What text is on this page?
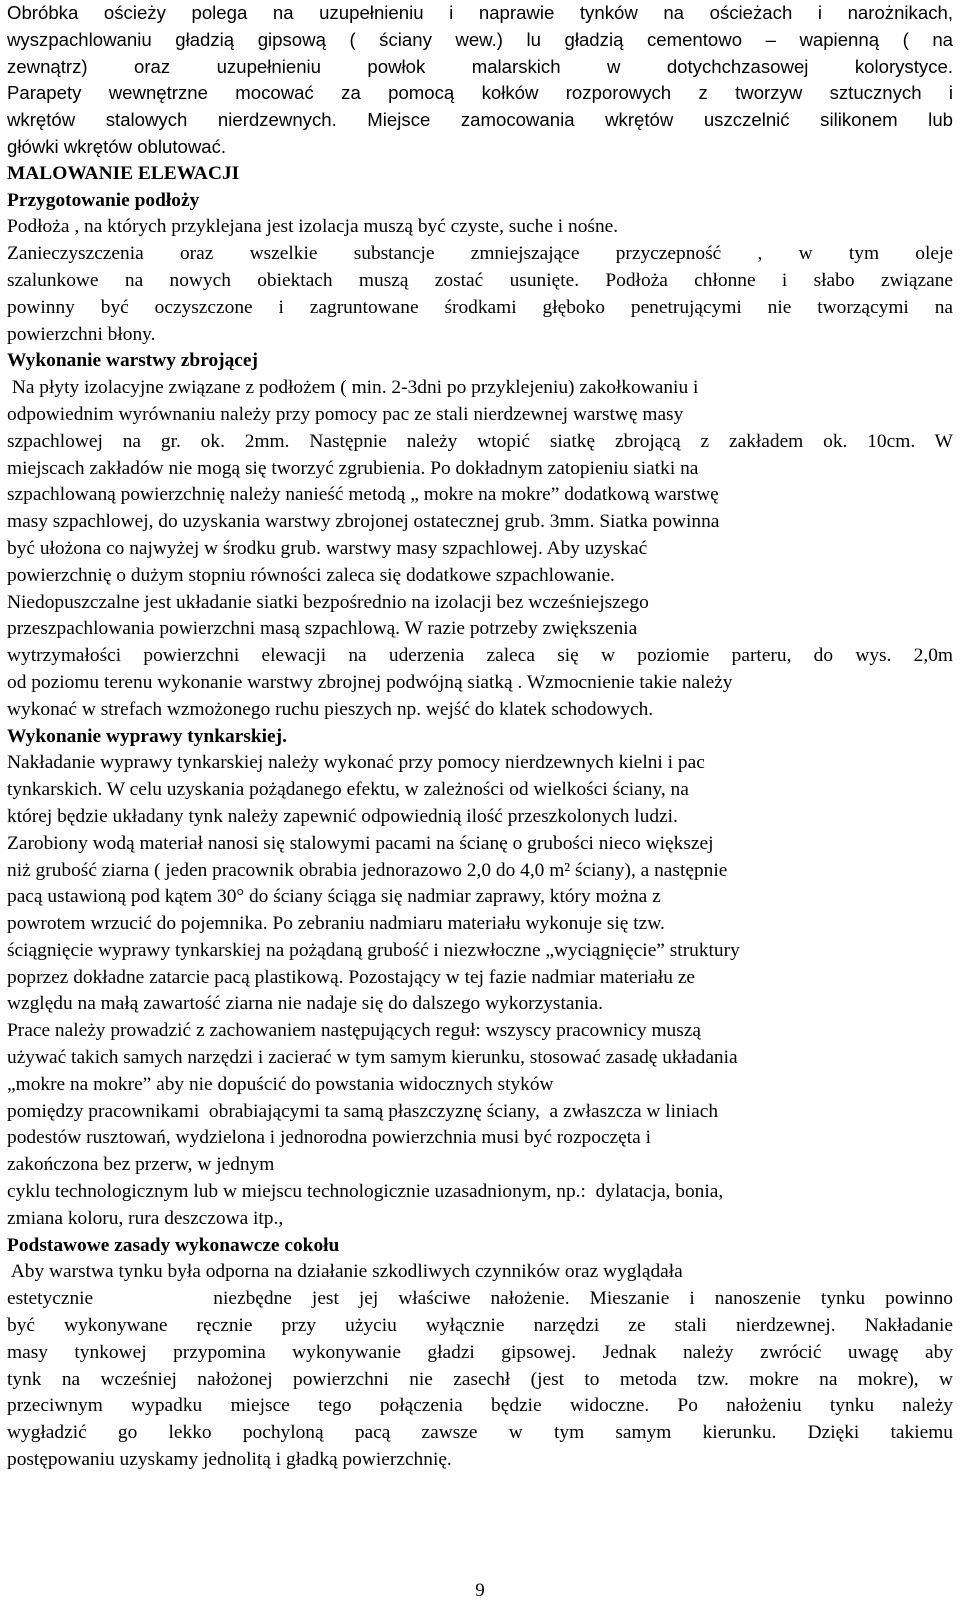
Obróbka ościeży polega na uzupełnieniu i naprawie tynków na ościeżach i narożnikach,
wyszpachlowaniu gładzią gipsową ( ściany wew.) lu gładzią cementowo – wapienną ( na
zewnątrz) oraz uzupełnieniu powłok malarskich w dotychchzasowej kolorystyce.
Parapety wewnętrzne mocować za pomocą kołków rozporowych z tworzyw sztucznych i
wkrętów stalowych nierdzewnych. Miejsce zamocowania wkrętów uszczelnić silikonem lub
główki wkrętów oblutować.
MALOWANIE ELEWACJI
Przygotowanie podłoży
Podłoża , na których przyklejana jest izolacja muszą być czyste, suche i nośne.
Zanieczyszczenia oraz wszelkie substancje zmniejszające przyczepność , w tym oleje
szalunkowe na nowych obiektach muszą zostać usunięte. Podłoża chłonne i słabo związane
powinny być oczyszczone i zagruntowane środkami głęboko penetrującymi nie tworzącymi na
powierzchni błony.
Wykonanie warstwy zbrojącej
Na płyty izolacyjne związane z podłożem ( min. 2-3dni po przyklejeniu) zakołkowaniu i
odpowiednim wyrównaniu należy przy pomocy pac ze stali nierdzewnej warstwę masy
szpachlowej na gr. ok. 2mm. Następnie należy wtopić siatkę zbrojącą z zakładem ok. 10cm. W
miejscach zakładów nie mogą się tworzyć zgrubienia. Po dokładnym zatopieniu siatki na
szpachlowaną powierzchnię należy nanieść metodą „ mokre na mokre” dodatkową warstwę
masy szpachlowej, do uzyskania warstwy zbrojonej ostatecznej grub. 3mm. Siatka powinna
być ułożona co najwyżej w środku grub. warstwy masy szpachlowej. Aby uzyskać
powierzchnię o dużym stopniu równości zaleca się dodatkowe szpachlowanie.
Niedopuszczalne jest układanie siatki bezpośrednio na izolacji bez wcześniejszego
przeszpachlowania powierzchni masą szpachlową. W razie potrzeby zwiększenia
wytrzymałości powierzchni elewacji na uderzenia zaleca się w poziomie parteru, do wys. 2,0m
od poziomu terenu wykonanie warstwy zbrojnej podwójną siatką . Wzmocnienie takie należy
wykonać w strefach wzmożonego ruchu pieszych np. wejść do klatek schodowych.
Wykonanie wyprawy tynkarskiej.
Nakładanie wyprawy tynkarskiej należy wykonać przy pomocy nierdzewnych kielni i pac
tynkarskich. W celu uzyskania pożądanego efektu, w zależności od wielkości ściany, na
której będzie układany tynk należy zapewnić odpowiednią ilość przeszkolonych ludzi.
Zarobiony wodą materiał nanosi się stalowymi pacami na ścianę o grubości nieco większej
niż grubość ziarna ( jeden pracownik obrabia jednorazowo 2,0 do 4,0 m² ściany), a następnie
pacą ustawioną pod kątem 30° do ściany ściąga się nadmiar zaprawy, który można z
powrotem wrzucić do pojemnika. Po zebraniu nadmiaru materiału wykonuje się tzw.
ściągnięcie wyprawy tynkarskiej na pożądaną grubość i niezwłoczne „wyciągnięcie” struktury
poprzez dokładne zatarcie pacą plastikową. Pozostający w tej fazie nadmiar materiału ze
względu na małą zawartość ziarna nie nadaje się do dalszego wykorzystania.
Prace należy prowadzić z zachowaniem następujących reguł: wszyscy pracownicy muszą
używać takich samych narzędzi i zacierać w tym samym kierunku, stosować zasadę układania
„mokre na mokre” aby nie dopuścić do powstania widocznych styków
pomiędzy pracownikami  obrabiającymi ta samą płaszczyznę ściany,  a zwłaszcza w liniach
podestów rusztowań, wydzielona i jednorodna powierzchnia musi być rozpoczęta i
zakończona bez przerw, w jednym
cyklu technologicznym lub w miejscu technologicznie uzasadnionym, np.:  dylatacja, bonia,
zmiana koloru, rura deszczowa itp.,
Podstawowe zasady wykonawcze cokołu
Aby warstwa tynku była odporna na działanie szkodliwych czynników oraz wyglądała
estetycznie      niezbędne jest jej właściwe nałożenie. Mieszanie i nanoszenie tynku powinno
być wykonywane ręcznie przy użyciu wyłącznie narzędzi ze stali nierdzewnej. Nakładanie
masy tynkowej przypomina wykonywanie gładzi gipsowej. Jednak należy zwrócić uwagę aby
tynk na wcześniej nałożonej powierzchni nie zasechł (jest to metoda tzw. mokre na mokre), w
przeciwnym wypadku miejsce tego połączenia będzie widoczne. Po nałożeniu tynku należy
wygładzić go lekko pochyloną pacą zawsze w tym samym kierunku. Dzięki takiemu
postępowaniu uzyskamy jednolitą i gładką powierzchnię.
9
